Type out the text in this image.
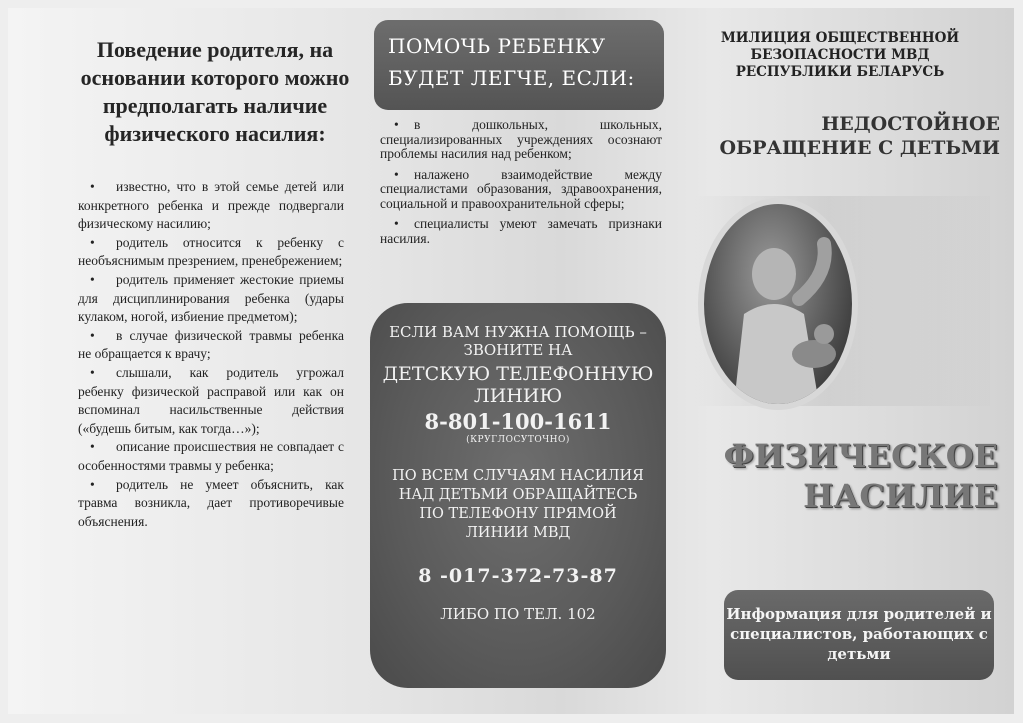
Поведение родителя, на основании которого можно предполагать наличие физического насилия:

• известно, что в этой семье детей или конкретного ребенка и прежде подвергали физическому насилию;

• родитель относится к ребенку с необъяснимым презрением, пренебрежением;

• родитель применяет жестокие приемы для дисциплинирования ребенка (удары кулаком, ногой, избиение предметом);

• в случае физической травмы ребенка не обращается к врачу;

• слышали, как родитель угрожал ребенку физической расправой или как он вспоминал насильственные действия («будешь битым, как тогда…»);

• описание происшествия не совпадает с особенностями травмы у ребенка;

• родитель не умеет объяснить, как травма возникла, дает противоречивые объяснения.

ПОМОЧЬ РЕБЕНКУ БУДЕТ ЛЕГЧЕ, ЕСЛИ:

• в дошкольных, школьных, специализированных учреждениях осознают проблемы насилия над ребенком;

• налажено взаимодействие между специалистами образования, здравоохранения, социальной и правоохранительной сферы;

• специалисты умеют замечать признаки насилия.

ЕСЛИ ВАМ НУЖНА ПОМОЩЬ – ЗВОНИТЕ НА
ДЕТСКУЮ ТЕЛЕФОННУЮ ЛИНИЮ
8-801-100-1611
(КРУГЛОСУТОЧНО)
ПО ВСЕМ СЛУЧАЯМ НАСИЛИЯ НАД ДЕТЬМИ ОБРАЩАЙТЕСЬ ПО ТЕЛЕФОНУ ПРЯМОЙ ЛИНИИ МВД
8 -017-372-73-87
ЛИБО ПО ТЕЛ. 102
МИЛИЦИЯ ОБЩЕСТВЕННОЙ БЕЗОПАСНОСТИ МВД РЕСПУБЛИКИ БЕЛАРУСЬ
НЕДОСТОЙНОЕ ОБРАЩЕНИЕ С ДЕТЬМИ
ФИЗИЧЕСКОЕ НАСИЛИЕ
Информация для родителей и специалистов, работающих с детьми
